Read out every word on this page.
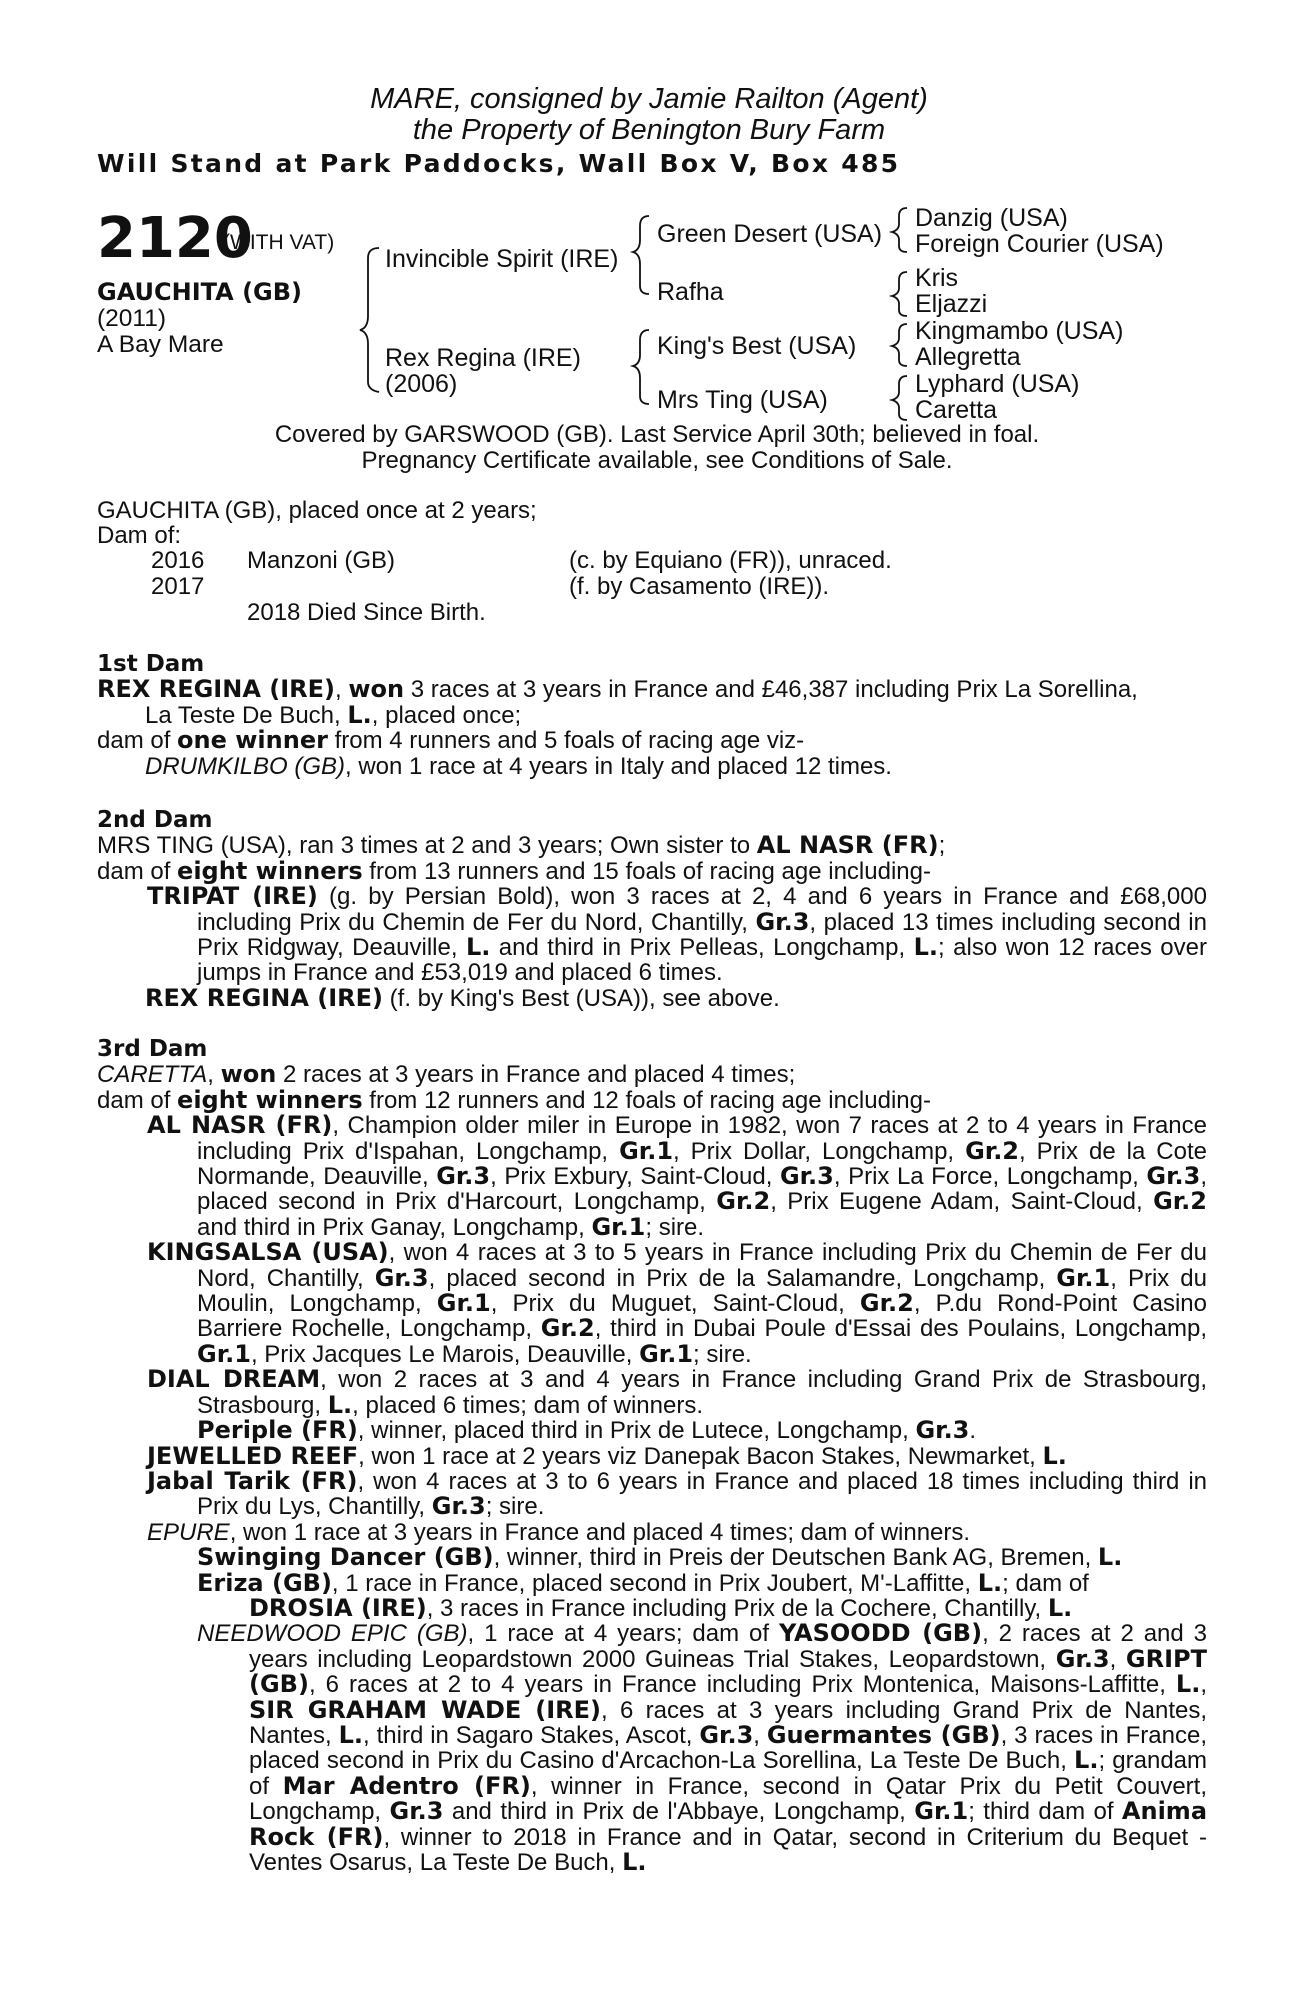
MARE, consigned by Jamie Railton (Agent)
the Property of Benington Bury Farm
Will Stand at Park Paddocks, Wall Box V, Box 485
2120
(WITH VAT)
GAUCHITA (GB)
(2011)
A Bay Mare
Invincible Spirit (IRE)
Rex Regina (IRE)
(2006)
Green Desert (USA)
Rafha
King's Best (USA)
Mrs Ting (USA)
Danzig (USA)
Foreign Courier (USA)
Kris
Eljazzi
Kingmambo (USA)
Allegretta
Lyphard (USA)
Caretta
Covered by GARSWOOD (GB). Last Service April 30th; believed in foal.
Pregnancy Certificate available, see Conditions of Sale.

GAUCHITA (GB), placed once at 2 years;

Dam of:

2016 Manzoni (GB)	(c. by Equiano (FR)), unraced.
2017	(f. by Casamento (IRE)).
2018 Died Since Birth.

1st Dam

REX REGINA (IRE), won 3 races at 3 years in France and £46,387 including Prix La Sorellina,

La Teste De Buch, L., placed once;

dam of one winner from 4 runners and 5 foals of racing age viz-

DRUMKILBO (GB), won 1 race at 4 years in Italy and placed 12 times.

2nd Dam

MRS TING (USA), ran 3 times at 2 and 3 years; Own sister to AL NASR (FR);

dam of eight winners from 13 runners and 15 foals of racing age including-

TRIPAT (IRE) (g. by Persian Bold), won 3 races at 2, 4 and 6 years in France and £68,000 including Prix du Chemin de Fer du Nord, Chantilly, Gr.3, placed 13 times including second in Prix Ridgway, Deauville, L. and third in Prix Pelleas, Longchamp, L.; also won 12 races over jumps in France and £53,019 and placed 6 times.

REX REGINA (IRE) (f. by King's Best (USA)), see above.

3rd Dam

CARETTA, won 2 races at 3 years in France and placed 4 times;

dam of eight winners from 12 runners and 12 foals of racing age including-

AL NASR (FR), Champion older miler in Europe in 1982, won 7 races at 2 to 4 years in France including Prix d'Ispahan, Longchamp, Gr.1, Prix Dollar, Longchamp, Gr.2, Prix de la Cote Normande, Deauville, Gr.3, Prix Exbury, Saint-Cloud, Gr.3, Prix La Force, Longchamp, Gr.3, placed second in Prix d'Harcourt, Longchamp, Gr.2, Prix Eugene Adam, Saint-Cloud, Gr.2 and third in Prix Ganay, Longchamp, Gr.1; sire.

KINGSALSA (USA), won 4 races at 3 to 5 years in France including Prix du Chemin de Fer du Nord, Chantilly, Gr.3, placed second in Prix de la Salamandre, Longchamp, Gr.1, Prix du Moulin, Longchamp, Gr.1, Prix du Muguet, Saint-Cloud, Gr.2, P.du Rond-Point Casino Barriere Rochelle, Longchamp, Gr.2, third in Dubai Poule d'Essai des Poulains, Longchamp, Gr.1, Prix Jacques Le Marois, Deauville, Gr.1; sire.

DIAL DREAM, won 2 races at 3 and 4 years in France including Grand Prix de Strasbourg, Strasbourg, L., placed 6 times; dam of winners.

Periple (FR), winner, placed third in Prix de Lutece, Longchamp, Gr.3.

JEWELLED REEF, won 1 race at 2 years viz Danepak Bacon Stakes, Newmarket, L.

Jabal Tarik (FR), won 4 races at 3 to 6 years in France and placed 18 times including third in Prix du Lys, Chantilly, Gr.3; sire.

EPURE, won 1 race at 3 years in France and placed 4 times; dam of winners.

Swinging Dancer (GB), winner, third in Preis der Deutschen Bank AG, Bremen, L.

Eriza (GB), 1 race in France, placed second in Prix Joubert, M'-Laffitte, L.; dam of

DROSIA (IRE), 3 races in France including Prix de la Cochere, Chantilly, L.

NEEDWOOD EPIC (GB), 1 race at 4 years; dam of YASOODD (GB), 2 races at 2 and 3 years including Leopardstown 2000 Guineas Trial Stakes, Leopardstown, Gr.3, GRIPT (GB), 6 races at 2 to 4 years in France including Prix Montenica, Maisons-Laffitte, L., SIR GRAHAM WADE (IRE), 6 races at 3 years including Grand Prix de Nantes, Nantes, L., third in Sagaro Stakes, Ascot, Gr.3, Guermantes (GB), 3 races in France, placed second in Prix du Casino d'Arcachon-La Sorellina, La Teste De Buch, L.; grandam of Mar Adentro (FR), winner in France, second in Qatar Prix du Petit Couvert, Longchamp, Gr.3 and third in Prix de l'Abbaye, Longchamp, Gr.1; third dam of Anima Rock (FR), winner to 2018 in France and in Qatar, second in Criterium du Bequet - Ventes Osarus, La Teste De Buch, L.
